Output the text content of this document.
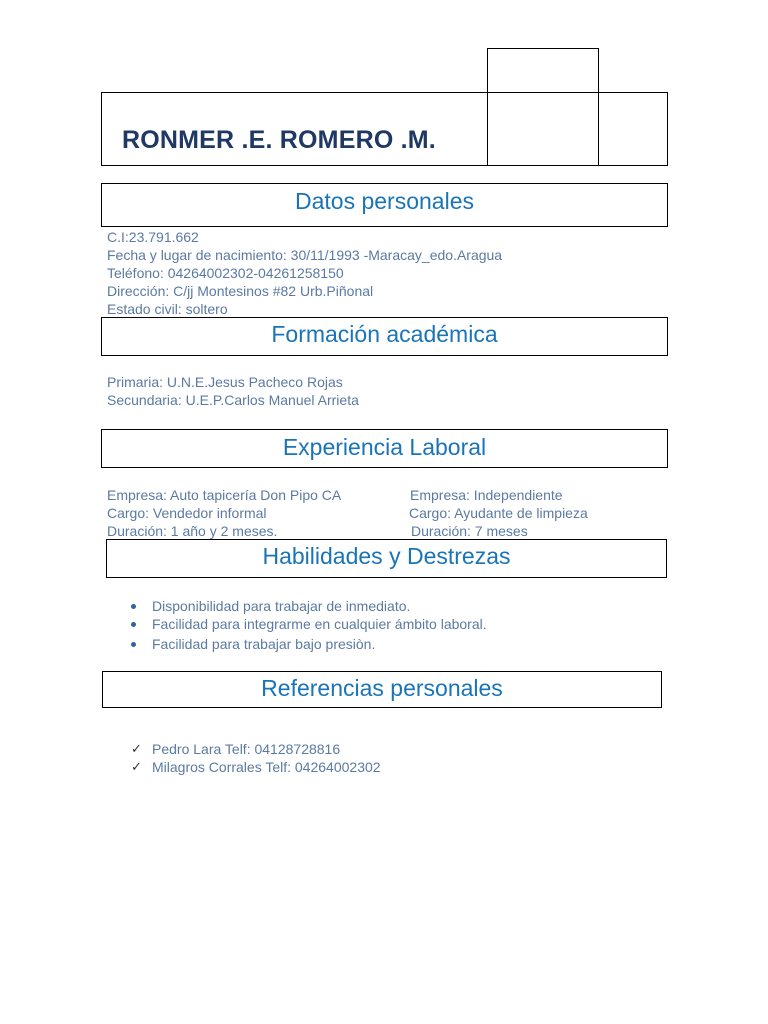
RONMER .E. ROMERO .M.
Datos personales
C.I:23.791.662
Fecha y lugar de nacimiento: 30/11/1993 -Maracay_edo.Aragua
Teléfono: 04264002302-04261258150
Dirección: C/jj Montesinos #82 Urb.Piñonal
Estado civil: soltero
Formación académica
Primaria: U.N.E.Jesus Pacheco Rojas
Secundaria: U.E.P.Carlos Manuel Arrieta
Experiencia Laboral
Empresa: Auto tapicería Don Pipo CA
Cargo: Vendedor informal
Duración: 1 año y 2 meses.
Empresa: Independiente
Cargo: Ayudante de limpieza
Duración: 7 meses
Habilidades y Destrezas
Disponibilidad para trabajar de inmediato.
Facilidad para integrarme en cualquier ámbito laboral.
Facilidad para trabajar bajo presiòn.
Referencias personales
✓ Pedro Lara Telf: 04128728816
✓ Milagros Corrales Telf: 04264002302
